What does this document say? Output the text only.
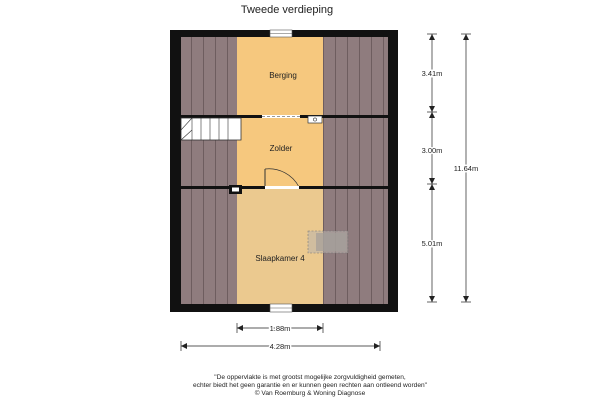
Tweede verdieping
Berging
Zolder
Slaapkamer 4
3.41m
3.00m
5.01m
11.64m
1.88m
4.28m
"De oppervlakte is met grootst mogelijke zorgvuldigheid gemeten,
echter biedt het geen garantie en er kunnen geen rechten aan ontleend worden"
© Van Roemburg & Woning Diagnose
